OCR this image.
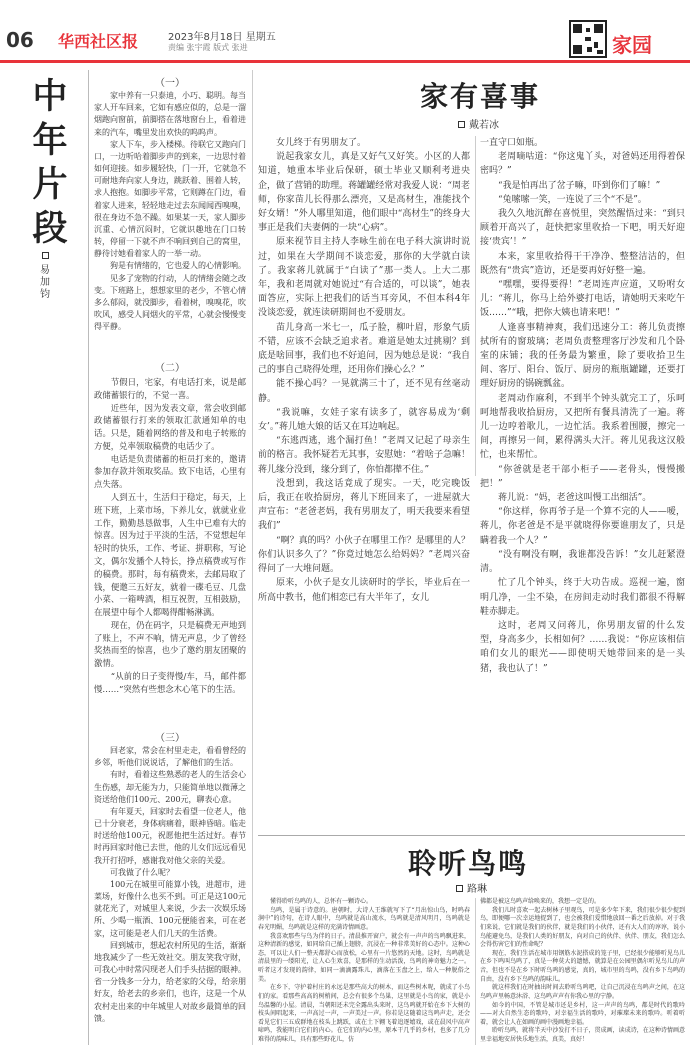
06 华西社区报	2023年8月18日 星期五
责编 张宇霞 版式 张进	家园
中
年
片
段
易
加
钧
（一）

家中养有一只泰迪，小巧、聪明。每当家人开车回来，它如有感应似的，总是一溜烟跑向窗前，前脚搭在落地窗台上，看着进来的汽车，嘴里发出欢快的呜呜声。

家人下车，步入楼梯。待联它又跑向门口，一边听哈着脚步声的到来，一边思忖着如何迎接。如步履轻快，门一开，它就急不可耐地奔向家人身边，跳跃着、围着人转，求人抱抱。如脚步平常，它则蹲在门边，看着家人进来，轻轻地走过去东闻闻西嗅嗅，很在身边不急不躁。如果某一天，家人脚步沉重、心情沉闷时，它就识趣地在门口转转，停留一下就不声不响回到自己的窝里，静待讨她看着家人的一举一动。

狗是有情绪的，它也爱人的心情影响。

见多了宠物的行动，人的情绪会随之改变。下班路上，想想家里的老少，不管心情多么郁闷，就没脚步，看着树，嗅嗅花，吹吹风，感受人间烟火的平常，心就会慢慢变得平静。

（二）

节假日，宅家，有电话打来，说是邮政储蓄银行的，不觉一喜。

近些年，因为发表文章，常会收到邮政储蓄银行打来的领取汇款通知单的电话。只是，随着网络的普及和电子转账的方便，兑率领取稿费的电话少了。

电话是负责储蓄的柜员打来的，邀请参加存款并领取奖品。致下电话，心里有点失落。

人到五十，生活归于稳定，每天，上班下班，上菜市场，下养儿女，就就业业工作，勤勤恳恳做事，人生中已难有大的惊喜。因为过于平淡的生活，不觉想起年轻时的快乐，工作、考证、拼职称，写论文，偶尔发播个人特长，挣点稿费或写作的稿费。那时，每有稿费来，去邮局取了钱，便邀三五好友，就着一碟毛豆、几盘小菜、一箱啤酒，相互祝贺，互相鼓励，在展望中每个人都喝得酣畅淋漓。

现在，仍在码字，只是稿费无声地到了账上，不声不响，情无声息，少了曾经奖热而至的惊喜，也少了邀约朋友团聚的激情。

“从前的日子变得慢/车，马，邮件都慢……”突然有些想念木心笔下的生活。

（三）

回老家，常会在村里走走，看看曾经的乡邻，听他们说说话，了解他们的生活。

有时，看着这些熟悉的老人的生活会心生伤感，却无能为力，只能简单地以微薄之资送给他们100元、200元，聊表心意。

有年夏天，回家时去看望一位老人，他已十分衰老，身体病痛着，眼神昏暗。临走时送给他100元，祝愿他把生活过好。春节时再回家时他已去世，他的儿女们远远看见我开打招呼，感谢我对他父亲的关爱。

可我做了什么呢？

100元在城里可能算小钱，进超市，进菜场，好像什么也买不到。可正是这100元就花光了，对城里人来说，少去一次娱乐场所、少喝一瓶酒、100元便能省来，可在老家，这可能是老人们几天的生活费。

回到城市，想起农村所见的生活，渐渐地我减少了一些无效社交。朋友笑我守财，可我心中时常闪现老人们手头拮据的眼神。省一分钱多一分力，给老家的父母，给亲朋好友，给老去的乡亲们，也许，这是一个从农村走出来的中年城里人对故乡最简单的回馈。

家有喜事
戴若冰

女儿终于有男朋友了。

说起我家女儿，真是又好气又好笑。小区的人都知道，她重本毕业后保研，硕士毕业又顺利考进央企，做了营销的助理。蒋罐罐经常对我爱人说：“周老师，你家苗儿长得那么漂亮，又是高材生，准能找个好女婿！”外人哪里知道，他们眼中“高材生”的终身大事正是我们夫妻俩的一块“心病”。

原来视节目主持人李咏生前在电子科大演讲时说过，如果在大学期间不谈恋爱，那你的大学就白读了。我家蒋儿就属于“白读了”那一类人。上大二那年，我和老周就对她说过“有合适的，可以谈”，她表面答应，实际上把我们的话当耳旁风，不但本科4年没谈恋爱，就连读研期间也不爱朋友。

苗儿身高一米七一，瓜子脸，柳叶眉，形象气质不错，应该不会缺乏追求者。难道是她太过挑剔？到底是啥回事，我们也不好追问，因为她总是说：“我自己的事自己晓得处理，还用你们操心么？”

能不操心吗？一晃就满三十了，还不见有丝毫动静。

“我说嘛，女娃子家有读多了，就容易成为‘剩女’。”蒋儿她大娘的话又在耳边响起。

“东逃西逃，逃个漏打鱼！”老周又记起了母亲生前的格言。我怀疑若无其事，安慰她：“着啥子急嘛！蒋儿缘分没到，缘分到了，你怕都撵不住。”

没想到，我这话竟成了现实。一天，吃完晚饭后，我正在收拾厨房，蒋儿下班回来了，一进屋就大声宣布：“老爸老妈，我有男朋友了，明天我要来看望我们”

“啊？真的吗？小伙子在哪里工作？是哪里的人？你们认识多久了？”你竟过她怎么给妈妈？”老周兴奋得问了一大堆问题。

原来，小伙子是女儿读研时的学长，毕业后在一所高中教书，他们相恋已有大半年了，女儿

一直守口如瓶。

老周嘀咕道：“你这鬼丫头，对爸妈还用得着保密吗？”

“我是怕再出了岔子嘛，吓到你们了嘛！”

“兔嗦嗦一笑，一连说了三个“不是”。

我久久地沉醉在喜悦里，突然醒悟过来：“到只顾着开高兴了，赶快把家里收拾一下吧，明天好迎接‘贵宾’！”

本来，家里收拾得干干净净、整整洁洁的，但既然有“贵宾”造访，还是要再好好整一遍。

“嘿嘿，要得要得！”老周连声应道，又吩咐女儿：“蒋儿，你马上给外婆打电话，请她明天来吃午饭……”“哦，把你大姨也请来吧！”

人逢喜事精神爽，我们迅速分工：蒋儿负责擦拭所有的窗玻璃；老周负责整理客厅沙发和几个卧室的床铺；我的任务最为繁重，除了要收拾卫生间、客厅、阳台、饭厅、厨房的瓶瓶罐罐，还要打理好厨房的锅碗瓢盆。

老周动作麻利，不到半个钟头就完工了，乐呵呵地帮我收拾厨房，又把所有餐具清洗了一遍。蒋儿一边哼着歌儿，一边忙活。我系着围腰，擦完一间，再擦另一间，累得满头大汗。蒋儿见我这汉般忙，也来帮忙。

“你爸就是老干部小柜子——老骨头，慢慢搬把！”

蒋儿说：“妈，老爸这叫慢工出细活”。

“你这样，你再爷子是一个算不完的人——嗳，蒋儿，你老爸是不是平就晓得你要谁朋友了，只是瞒着我一个人？”

“没有啊没有啊，我谁都没告诉！”女儿赶紧澄清。

忙了几个钟头，终于大功告成。巡视一遍，窗明几净，一尘不染，在房间走动时我们都很不得解鞋赤脚走。

这时，老周又问蒋儿，你男朋友留的什么发型，身高多少，长相如何？……我说：“你应该相信咱们女儿的眼光——即使明天她带回来的是一头猪，我也认了！”

聆听鸟鸣
路琳

懂得聆听鸟鸣的人，总怀有一颗诗心。

鸟鸣，是属于诗意的。唐朝时，大诗人王维就写下了“月出惊山鸟，时鸣春涧中”的诗句，在诗人眼中，鸟鸣就是高山流水，鸟鸣就是清风明月，鸟鸣就是春光明媚，鸟鸣就是这样的充满诗情画意。

我喜欢那些与鸟为伴的日子。清晨推开窗户，就会有一声声的鸟鸣飘进来，这种清新的感觉，如同给自己插上翅膀，沉浸在一种非常美好的心态中。这种心态，可以让人们一整天都舒心而放松，心里有一片悠然的天地。这时，鸟鸣就是清晨里的一缕阳光，让人心生欢喜，是那样的生动活泼，鸟鸣的神奇魅力之一。听者这才发现的韵律，如同一滴滴露珠儿，滴落在玉盘之上，给人一种脱俗之美。

在乡下，守护着村庄的永远是那些高大的树木，而这些树木呢，就成了小鸟们的家。看那些高高的树梢间，总会有很多个鸟巢，这里就是小鸟的家，就是小鸟温馨的小屋。清晨，当朝阳还未完全露出头来时，这鸟鸣就开始在乡下大树的枝头间唱起来，一声高过一声，一声美过一声。你若是这随着这鸟鸣声走，还会看见它们三五成群地在枝头上跳跃，或在土下翱飞着追逐嬉戏，或在晨风中高声啼鸣，我能明白它们的内心。在它们的内心里，原本干几乎的乡村，也多了几分难得的韵味儿，具有那些野花儿，仿

佛都是被这鸟鸣声给唤来的，我想一定是的。

我们儿时喜欢一起去树林子里观鸟，可是多少年下来，我们很少很少捉到鸟，即便哪一次幸运地捉到了，也会被我们爱惜地放回一番之后放掉。对于我们来说，它们就是我们的伙伴，就是我们的小伙伴，还有大人们的谆谆，说小鸟能避免鸟，是我们人类的好朋友，向对自己的伙伴、伙伴、朋友，我们怎么会得伤害它们的性命呢？

现在，我们生活在城市用钢筋水泥搭成的笼子里，已经很少能够听见鸟儿在乡下鸣叫鸟鸣了，真是一种莫大的遗憾，就算是在公园里偶尔听见鸟儿的声音，但也不是在乡下时听鸟鸣的感觉，真的，城市里的鸟鸣，没有乡下鸟鸣的自由，没有乡下鸟鸣的韵味儿。

就这样我们在时抽出时间去聆听鸟鸣吧，让自己沉浸在鸟鸣声之间，在这鸟鸣声里畅意沐浴、这鸟鸣声声有你我心里的宁静。

如今的中国，不管是城市还是乡村，这一声声的鸟鸣，都是时代的歌吟——对大自然生态的歌吟，对幸福生活的歌吟，对璀璨未来的歌吟。听着听着，就会让人在如画的画中漫画地幸福。

聆听鸟鸣，就将半天中沙发打不日子，贯成画，读成诗，在这种诗情画意里幸福地安居快乐地生活，真美，真好！
